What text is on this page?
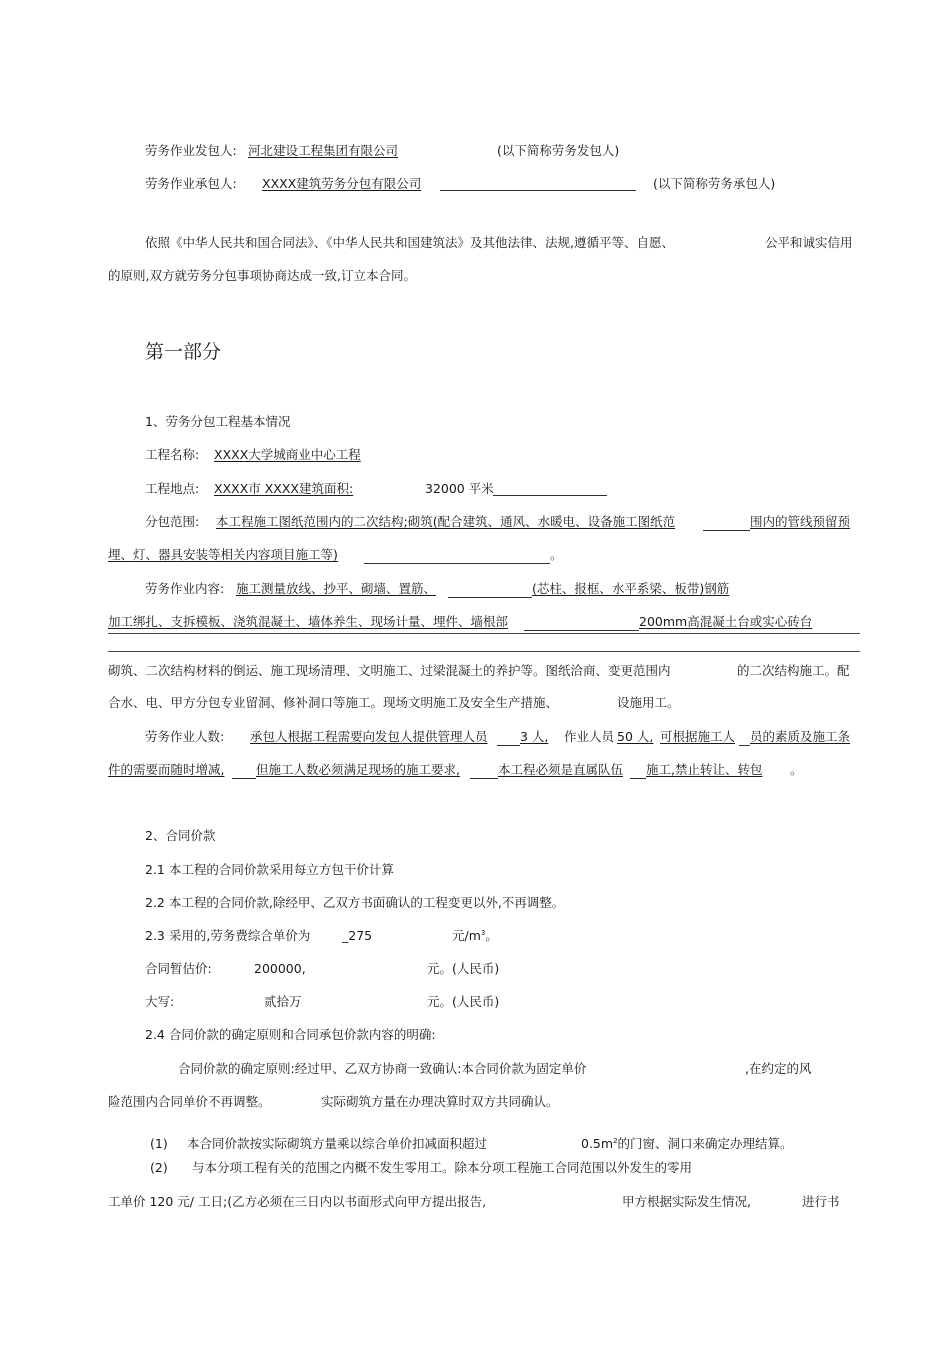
劳务作业发包人: 河北建设工程集团有限公司	(以下简称劳务发包人)
劳务作业承包人: XXXX建筑劳务分包有限公司	(以下简称劳务承包人)
依照《中华人民共和国合同法》、《中华人民共和国建筑法》及其他法律、法规,遵循平等、自愿、	公平和诚实信用
的原则,双方就劳务分包事项协商达成一致,订立本合同。
第一部分
1、劳务分包工程基本情况
工程名称: XXXX大学城商业中心工程
工程地点: XXXX市 XXXX建筑面积:	32000 平米
分包范围: 本工程施工图纸范围内的二次结构;砌筑(配合建筑、通风、水暖电、设备施工图纸范	围内的管线预留预
埋、灯、器具安装等相关内容项目施工等)	。
劳务作业内容: 施工测量放线、抄平、砌墙、置筋、	(芯柱、报框、水平系梁、板带)钢筋
加工绑扎、支拆模板、浇筑混凝土、墙体养生、现场计量、埋件、墙根部	200mm高混凝土台或实心砖台
砌筑、二次结构材料的倒运、施工现场清理、文明施工、过梁混凝土的养护等。图纸洽商、变更范围内	的二次结构施工。配
合水、电、甲方分包专业留洞、修补洞口等施工。现场文明施工及安全生产措施、	设施用工。
劳务作业人数: 承包人根据工程需要向发包人提供管理人员	3 人, 作业人员 50 人, 可根据施工人 员的素质及施工条
件的需要而随时增减,	但施工人数必须满足现场的施工要求,	本工程必须是直属队伍 施工,禁止转让、转包 。
2、合同价款
2.1 本工程的合同价款采用每立方包干价计算
2.2 本工程的合同价款,除经甲、乙双方书面确认的工程变更以外,不再调整。
2.3 采用的,劳务费综合单价为	_275	元$/m^3$。
合同暂估价:	200000,	元。(人民币)
大写:	贰拾万	元。(人民币)
2.4 合同价款的确定原则和合同承包价款内容的明确:
合同价款的确定原则:经过甲、乙双方协商一致确认:本合同价款为固定单价	,在约定的风
险范围内合同单价不再调整。	实际砌筑方量在办理决算时双方共同确认。
(1) 本合同价款按实际砌筑方量乘以综合单价扣减面积超过	$0.5m^2$的门窗、洞口来确定办理结算。
(2) 与本分项工程有关的范围之内概不发生零用工。除本分项工程施工合同范围以外发生的零用
工单价 120 元/ 工日;(乙方必须在三日内以书面形式向甲方提出报告,	甲方根据实际发生情况,	进行书
